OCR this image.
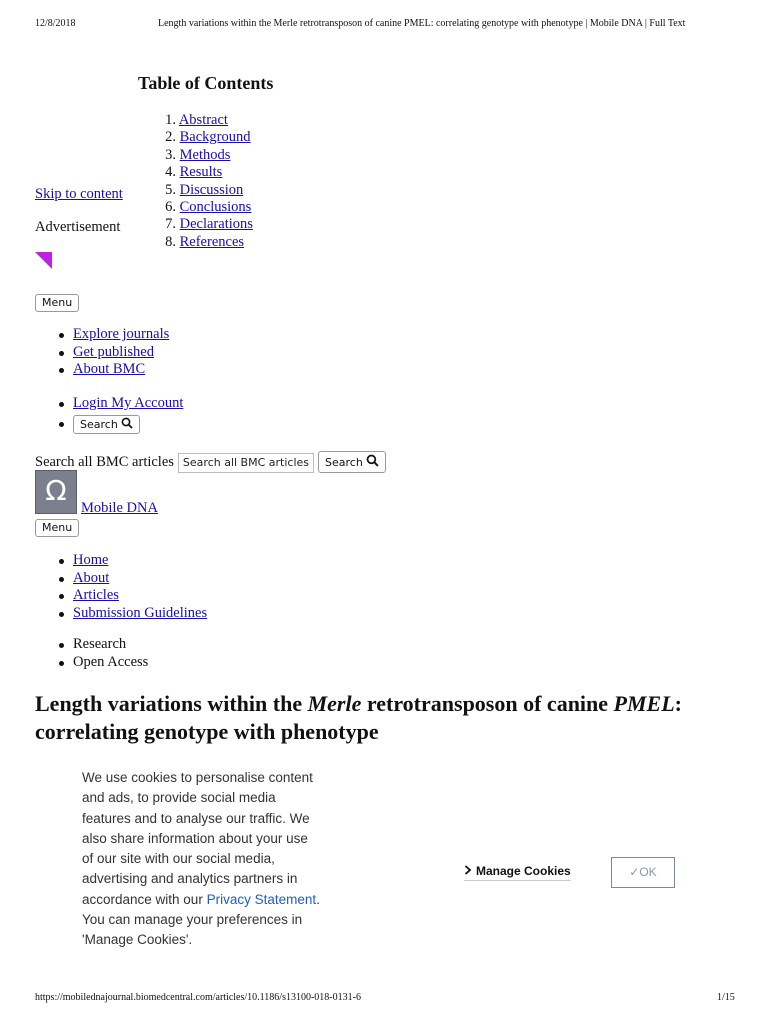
12/8/2018	Length variations within the Merle retrotransposon of canine PMEL: correlating genotype with phenotype | Mobile DNA | Full Text
Table of Contents
1. Abstract
2. Background
3. Methods
4. Results
5. Discussion
6. Conclusions
7. Declarations
8. References
Skip to content
Advertisement
Menu
Explore journals
Get published
About BMC
Login My Account
Search
Search all BMC articles Search all BMC articles Search
Ω
Mobile DNA
Menu
Home
About
Articles
Submission Guidelines
Research
Open Access
Length variations within the Merle retrotransposon of canine PMEL: correlating genotype with phenotype
We use cookies to personalise content and ads, to provide social media features and to analyse our traffic. We also share information about your use of our site with our social media, advertising and analytics partners in accordance with our Privacy Statement. You can manage your preferences in 'Manage Cookies'.
Manage Cookies	✓OK
https://mobilednajournal.biomedcentral.com/articles/10.1186/s13100-018-0131-6	1/15
